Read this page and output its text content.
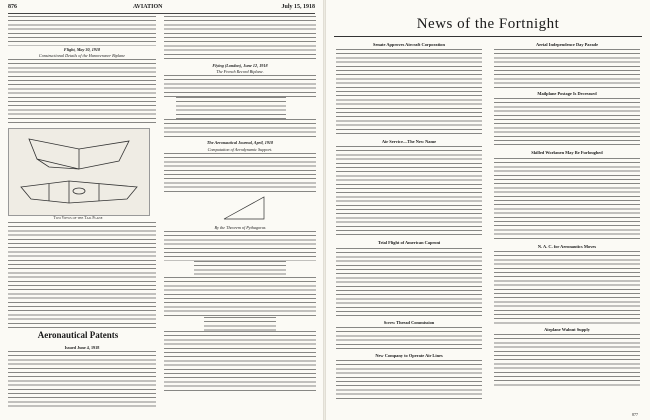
876	AVIATION	July 15, 1918
Flight, May 30, 1918
Constructional Details of the Hanoveraner Biplane
Two Views of the Tail Plane
Aeronautical Patents
Issued June 4, 1918
Flying (London), June 12, 1918
The French Record Biplane.
The Aeronautical Journal, April, 1918
Computation of Aerodynamic Support.
By the Theorem of Pythagoras
News of the Fortnight
Senate Approves Aircraft Corporation
Air Service—The New Name
Trial Flight of American Caproni
Screw Thread Commission
New Company to Operate Air Lines
Aerial Independence Day Parade
Mailplane Postage Is Decreased
Skilled Workmen May Be Furloughed
N. A. C. for Aeronautics Moves
Airplane Walnut Supply
877
